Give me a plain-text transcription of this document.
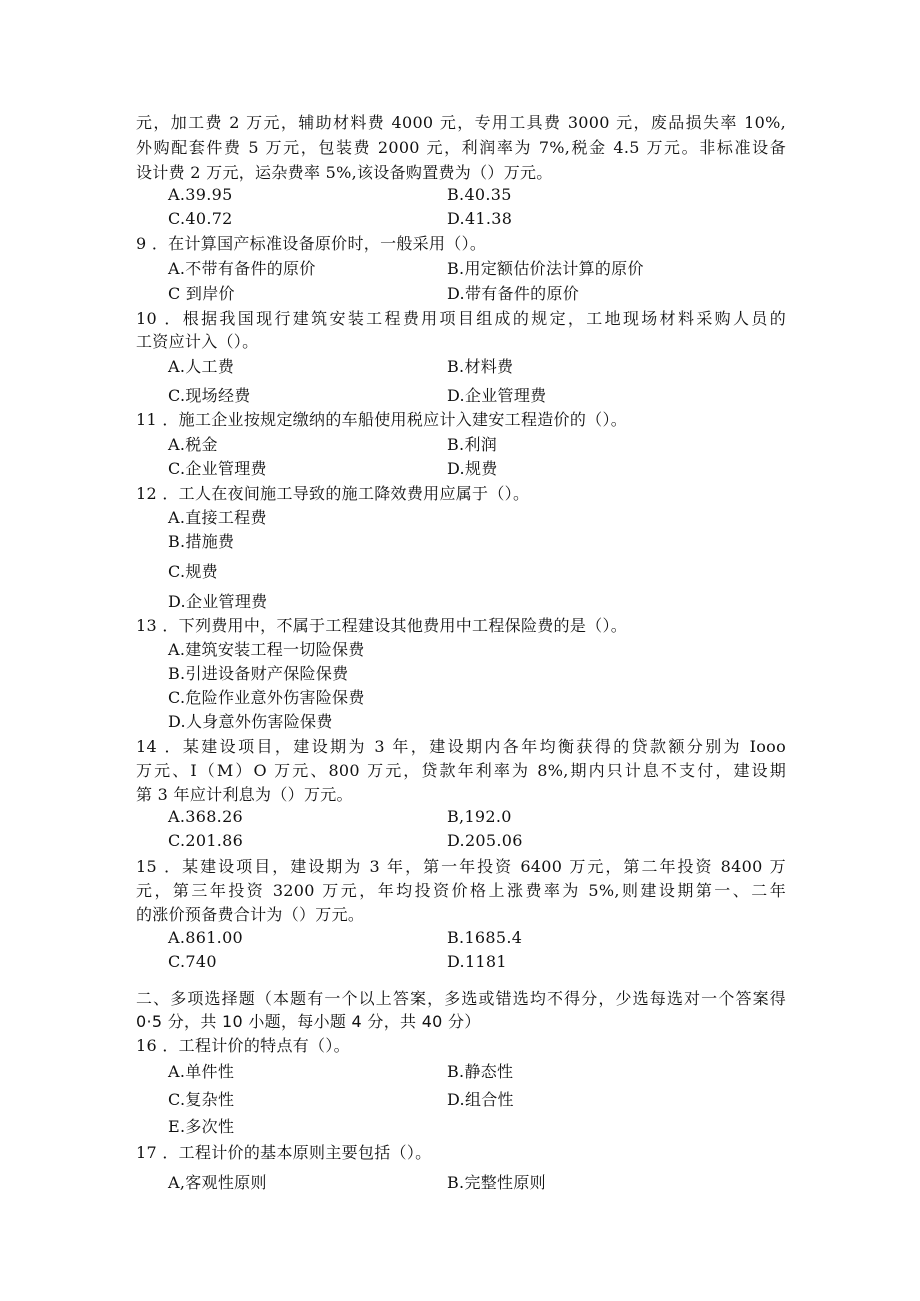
元，加工费 2 万元，辅助材料费 4000 元，专用工具费 3000 元，废品损失率 10%,
外购配套件费 5 万元，包装费 2000 元，利润率为 7%,税金 4.5 万元。非标准设备
设计费 2 万元，运杂费率 5%,该设备购置费为（）万元。
A.39.95	B.40.35
C.40.72	D.41.38
9 ．在计算国产标准设备原价时，一般采用（）。
A.不带有备件的原价	B.用定额估价法计算的原价
C 到岸价	D.带有备件的原价
10 ．根据我国现行建筑安装工程费用项目组成的规定，工地现场材料采购人员的
工资应计入（）。
A.人工费	B.材料费
C.现场经费	D.企业管理费
11 ．施工企业按规定缴纳的车船使用税应计入建安工程造价的（）。
A.税金	B.利润
C.企业管理费	D.规费
12 ．工人在夜间施工导致的施工降效费用应属于（）。
A.直接工程费
B.措施费
C.规费
D.企业管理费
13 ．下列费用中，不属于工程建设其他费用中工程保险费的是（）。
A.建筑安装工程一切险保费
B.引进设备财产保险保费
C.危险作业意外伤害险保费
D.人身意外伤害险保费
14 ．某建设项目，建设期为 3 年，建设期内各年均衡获得的贷款额分别为 Iooo
万元、I（M）O 万元、800 万元，贷款年利率为 8%,期内只计息不支付，建设期
第 3 年应计利息为（）万元。
A.368.26	B,192.0
C.201.86	D.205.06
15 ．某建设项目，建设期为 3 年，第一年投资 6400 万元，第二年投资 8400 万
元，第三年投资 3200 万元，年均投资价格上涨费率为 5%,则建设期第一、二年
的涨价预备费合计为（）万元。
A.861.00	B.1685.4
C.740	D.1181
二、多项选择题（本题有一个以上答案，多选或错选均不得分，少选每选对一个答案得
0·5 分，共 10 小题，每小题 4 分，共 40 分）
16 ．工程计价的特点有（）。
A.单件性	B.静态性
C.复杂性	D.组合性
E.多次性
17 ．工程计价的基本原则主要包括（）。
A,客观性原则	B.完整性原则
